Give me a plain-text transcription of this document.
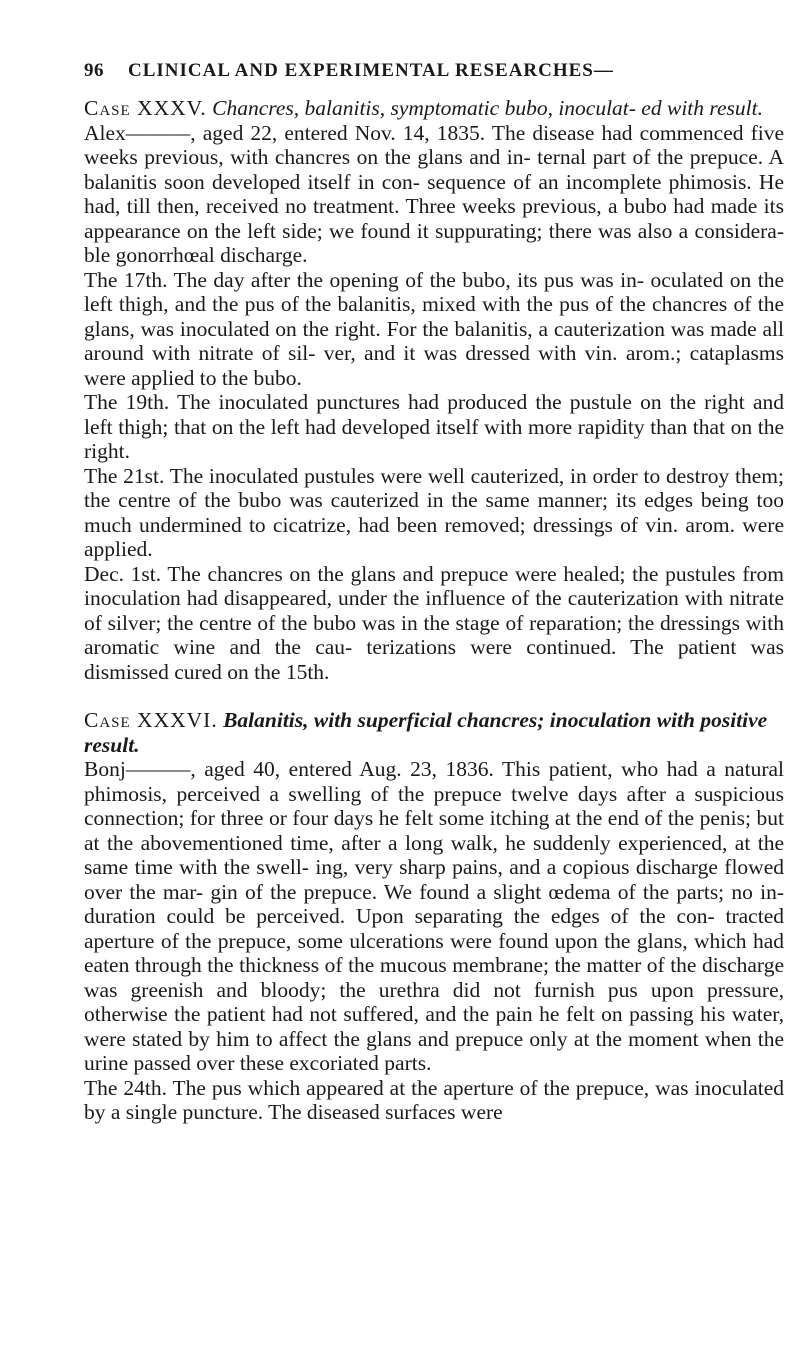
96 CLINICAL AND EXPERIMENTAL RESEARCHES—

Case XXXV. Chancres, balanitis, symptomatic bubo, inoculat- ed with result.

Alex———, aged 22, entered Nov. 14, 1835. The disease had commenced five weeks previous, with chancres on the glans and in- ternal part of the prepuce. A balanitis soon developed itself in con- sequence of an incomplete phimosis. He had, till then, received no treatment. Three weeks previous, a bubo had made its appearance on the left side; we found it suppurating; there was also a considera- ble gonorrhœal discharge.

The 17th. The day after the opening of the bubo, its pus was in- oculated on the left thigh, and the pus of the balanitis, mixed with the pus of the chancres of the glans, was inoculated on the right. For the balanitis, a cauterization was made all around with nitrate of sil- ver, and it was dressed with vin. arom.; cataplasms were applied to the bubo.

The 19th. The inoculated punctures had produced the pustule on the right and left thigh; that on the left had developed itself with more rapidity than that on the right.

The 21st. The inoculated pustules were well cauterized, in order to destroy them; the centre of the bubo was cauterized in the same manner; its edges being too much undermined to cicatrize, had been removed; dressings of vin. arom. were applied.

Dec. 1st. The chancres on the glans and prepuce were healed; the pustules from inoculation had disappeared, under the influence of the cauterization with nitrate of silver; the centre of the bubo was in the stage of reparation; the dressings with aromatic wine and the cau- terizations were continued. The patient was dismissed cured on the 15th.

Case XXXVI. Balanitis, with superficial chancres; inoculation with positive result.

Bonj———, aged 40, entered Aug. 23, 1836. This patient, who had a natural phimosis, perceived a swelling of the prepuce twelve days after a suspicious connection; for three or four days he felt some itching at the end of the penis; but at the abovementioned time, after a long walk, he suddenly experienced, at the same time with the swell- ing, very sharp pains, and a copious discharge flowed over the mar- gin of the prepuce. We found a slight œdema of the parts; no in- duration could be perceived. Upon separating the edges of the con- tracted aperture of the prepuce, some ulcerations were found upon the glans, which had eaten through the thickness of the mucous membrane; the matter of the discharge was greenish and bloody; the urethra did not furnish pus upon pressure, otherwise the patient had not suffered, and the pain he felt on passing his water, were stated by him to affect the glans and prepuce only at the moment when the urine passed over these excoriated parts.

The 24th. The pus which appeared at the aperture of the prepuce, was inoculated by a single puncture. The diseased surfaces were
